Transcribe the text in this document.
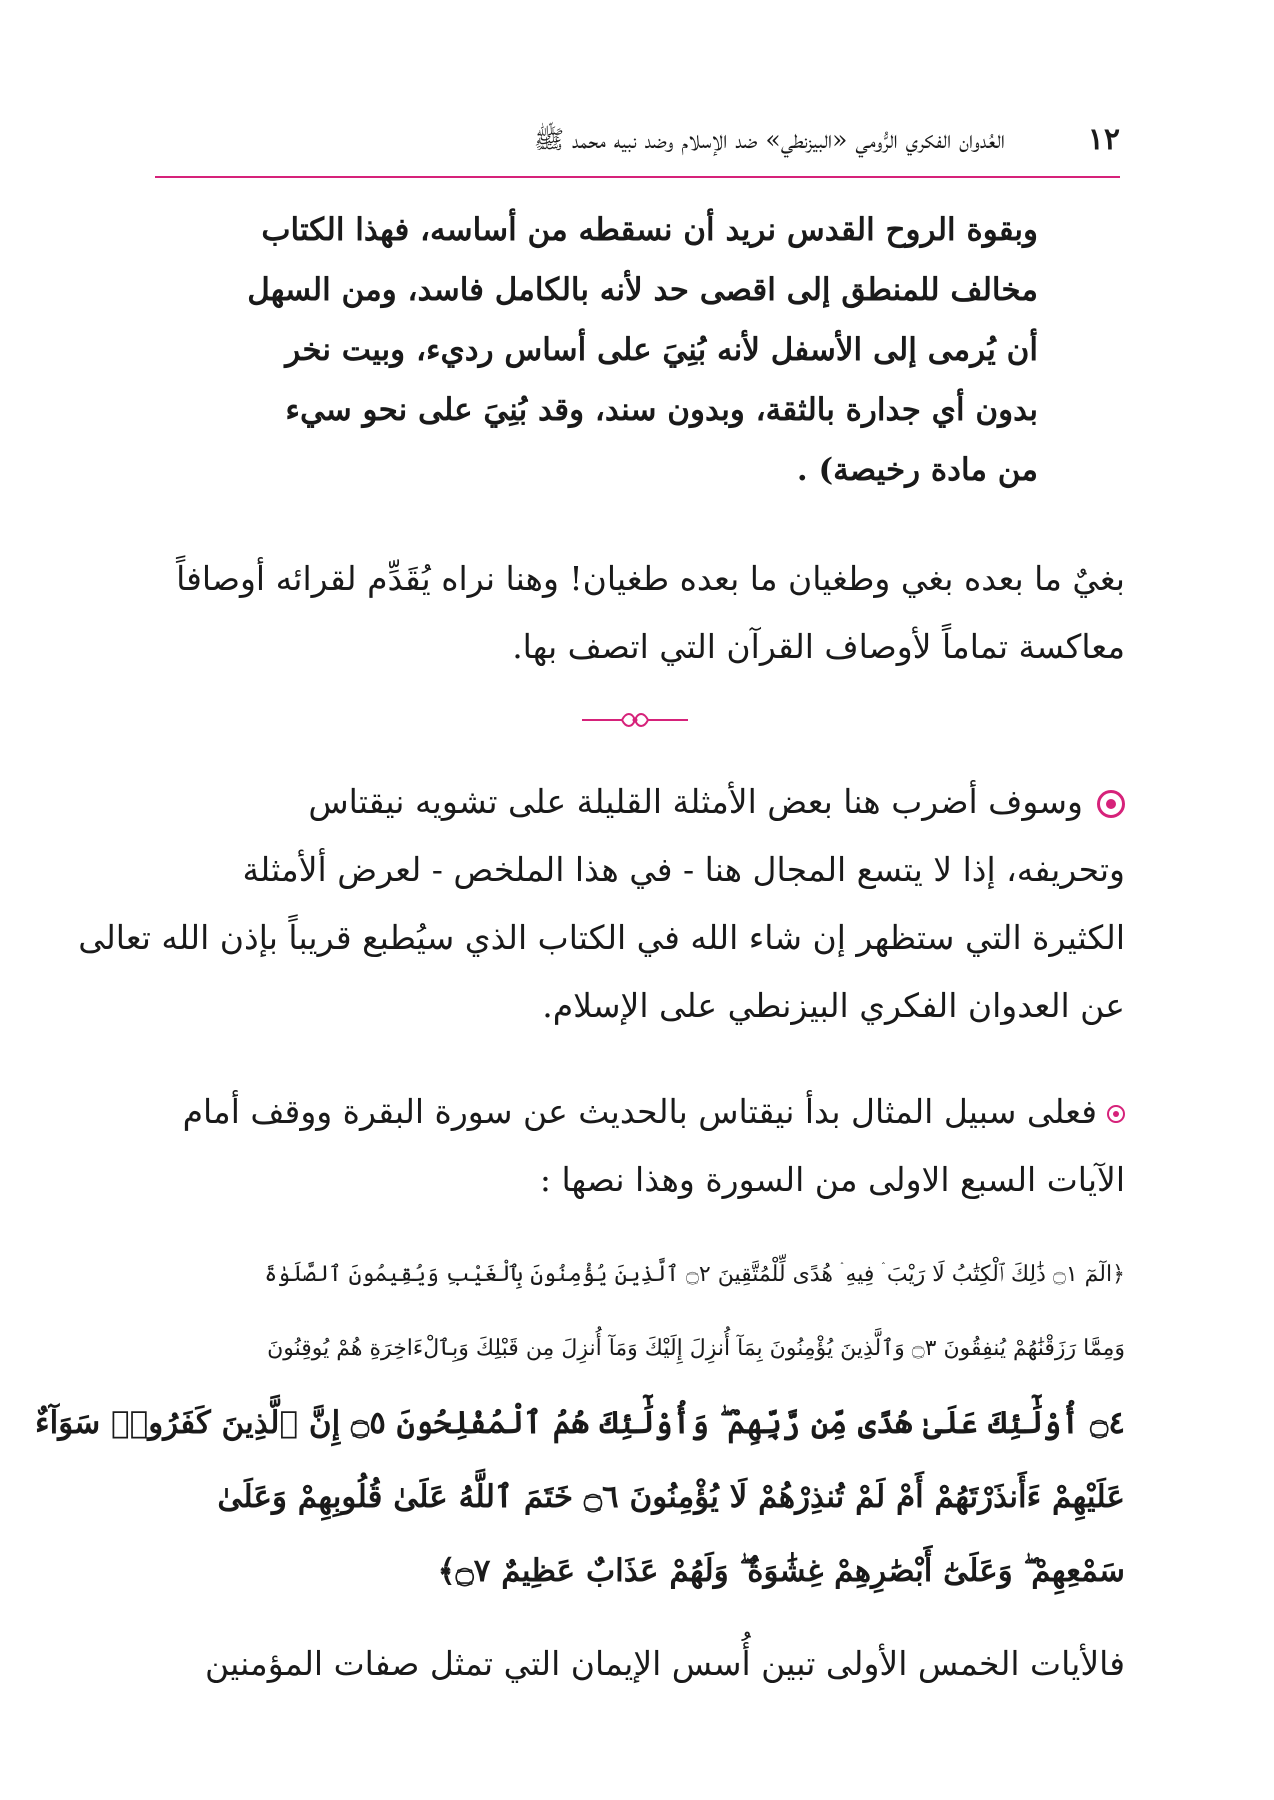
١٢
العُدوان الفكري الرُّومي «البيزنطي» ضد الإسلام وضد نبيه محمد ﷺ
وبقوة الروح القدس نريد أن نسقطه من أساسه، فهذا الكتاب
مخالف للمنطق إلى اقصى حد لأنه بالكامل فاسد، ومن السهل
أن يُرمى إلى الأسفل لأنه بُنِيَ على أساس رديء، وبيت نخر
بدون أي جدارة بالثقة، وبدون سند، وقد بُنِيَ على نحو سيء
من مادة رخيصة) .
بغيٌ ما بعده بغي وطغيان ما بعده طغيان! وهنا نراه يُقَدِّم لقرائه أوصافاً
معاكسة تماماً لأوصاف القرآن التي اتصف بها.
وسوف أضرب هنا بعض الأمثلة القليلة على تشويه نيقتاس
وتحريفه، إذا لا يتسع المجال هنا - في هذا الملخص - لعرض ألأمثلة
الكثيرة التي ستظهر إن شاء الله في الكتاب الذي سيُطبع قريباً بإذن الله تعالى
عن العدوان الفكري البيزنطي على الإسلام.
فعلى سبيل المثال بدأ نيقتاس بالحديث عن سورة البقرة ووقف أمام
الآيات السبع الاولى من السورة وهذا نصها :
﴿الٓمٓ ۝١ ذَٰلِكَ ٱلْكِتَٰبُ لَا رَيْبَ ۛ فِيهِ ۛ هُدًى لِّلْمُتَّقِينَ ۝٢ ٱلَّذِينَ يُؤْمِنُونَ بِٱلْغَيْبِ وَيُقِيمُونَ ٱلصَّلَوٰةَ
وَمِمَّا رَزَقْنَٰهُمْ يُنفِقُونَ ۝٣ وَٱلَّذِينَ يُؤْمِنُونَ بِمَآ أُنزِلَ إِلَيْكَ وَمَآ أُنزِلَ مِن قَبْلِكَ وَبِٱلْءَاخِرَةِ هُمْ يُوقِنُونَ
۝٤ أُوْلَٰٓئِكَ عَلَىٰ هُدًى مِّن رَّبِّهِمْ ۖ وَأُوْلَٰٓئِكَ هُمُ ٱلْمُفْلِحُونَ ۝٥ إِنَّ ٱلَّذِينَ كَفَرُوا۟ سَوَآءٌ
عَلَيْهِمْ ءَأَنذَرْتَهُمْ أَمْ لَمْ تُنذِرْهُمْ لَا يُؤْمِنُونَ ۝٦ خَتَمَ ٱللَّهُ عَلَىٰ قُلُوبِهِمْ وَعَلَىٰ
سَمْعِهِمْ ۖ وَعَلَىٰٓ أَبْصَٰرِهِمْ غِشَٰوَةٌ ۖ وَلَهُمْ عَذَابٌ عَظِيمٌ ۝٧﴾
فالأيات الخمس الأولى تبين أُسس الإيمان التي تمثل صفات المؤمنين
